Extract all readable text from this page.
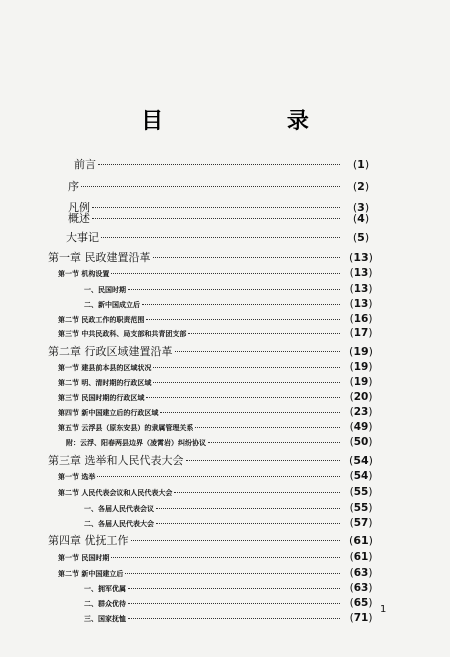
目 录
前言	( 1 )
序	( 2 )
凡例	( 3 )
概述	( 4 )
大事记	( 5 )
第一章 民政建置沿革	( 13 )
第一节 机构设置	( 13 )
一、民国时期	( 13 )
二、新中国成立后	( 13 )
第二节 民政工作的职责范围	( 16 )
第三节 中共民政科、局支部和共青团支部	( 17 )
第二章 行政区域建置沿革	( 19 )
第一节 建县前本县的区域状况	( 19 )
第二节 明、清时期的行政区域	( 19 )
第三节 民国时期的行政区域	( 20 )
第四节 新中国建立后的行政区域	( 23 )
第五节 云浮县（原东安县）的隶属管理关系	( 49 )
附：云浮、阳春两县边界（凌霄岩）纠纷协议	( 50 )
第三章 选举和人民代表大会	( 54 )
第一节 选举	( 54 )
第二节 人民代表会议和人民代表大会	( 55 )
一、各届人民代表会议	( 55 )
二、各届人民代表大会	( 57 )
第四章 优抚工作	( 61 )
第一节 民国时期	( 61 )
第二节 新中国建立后	( 63 )
一、拥军优属	( 63 )
二、群众优待	( 65 )
三、国家抚恤	( 71 )
1
